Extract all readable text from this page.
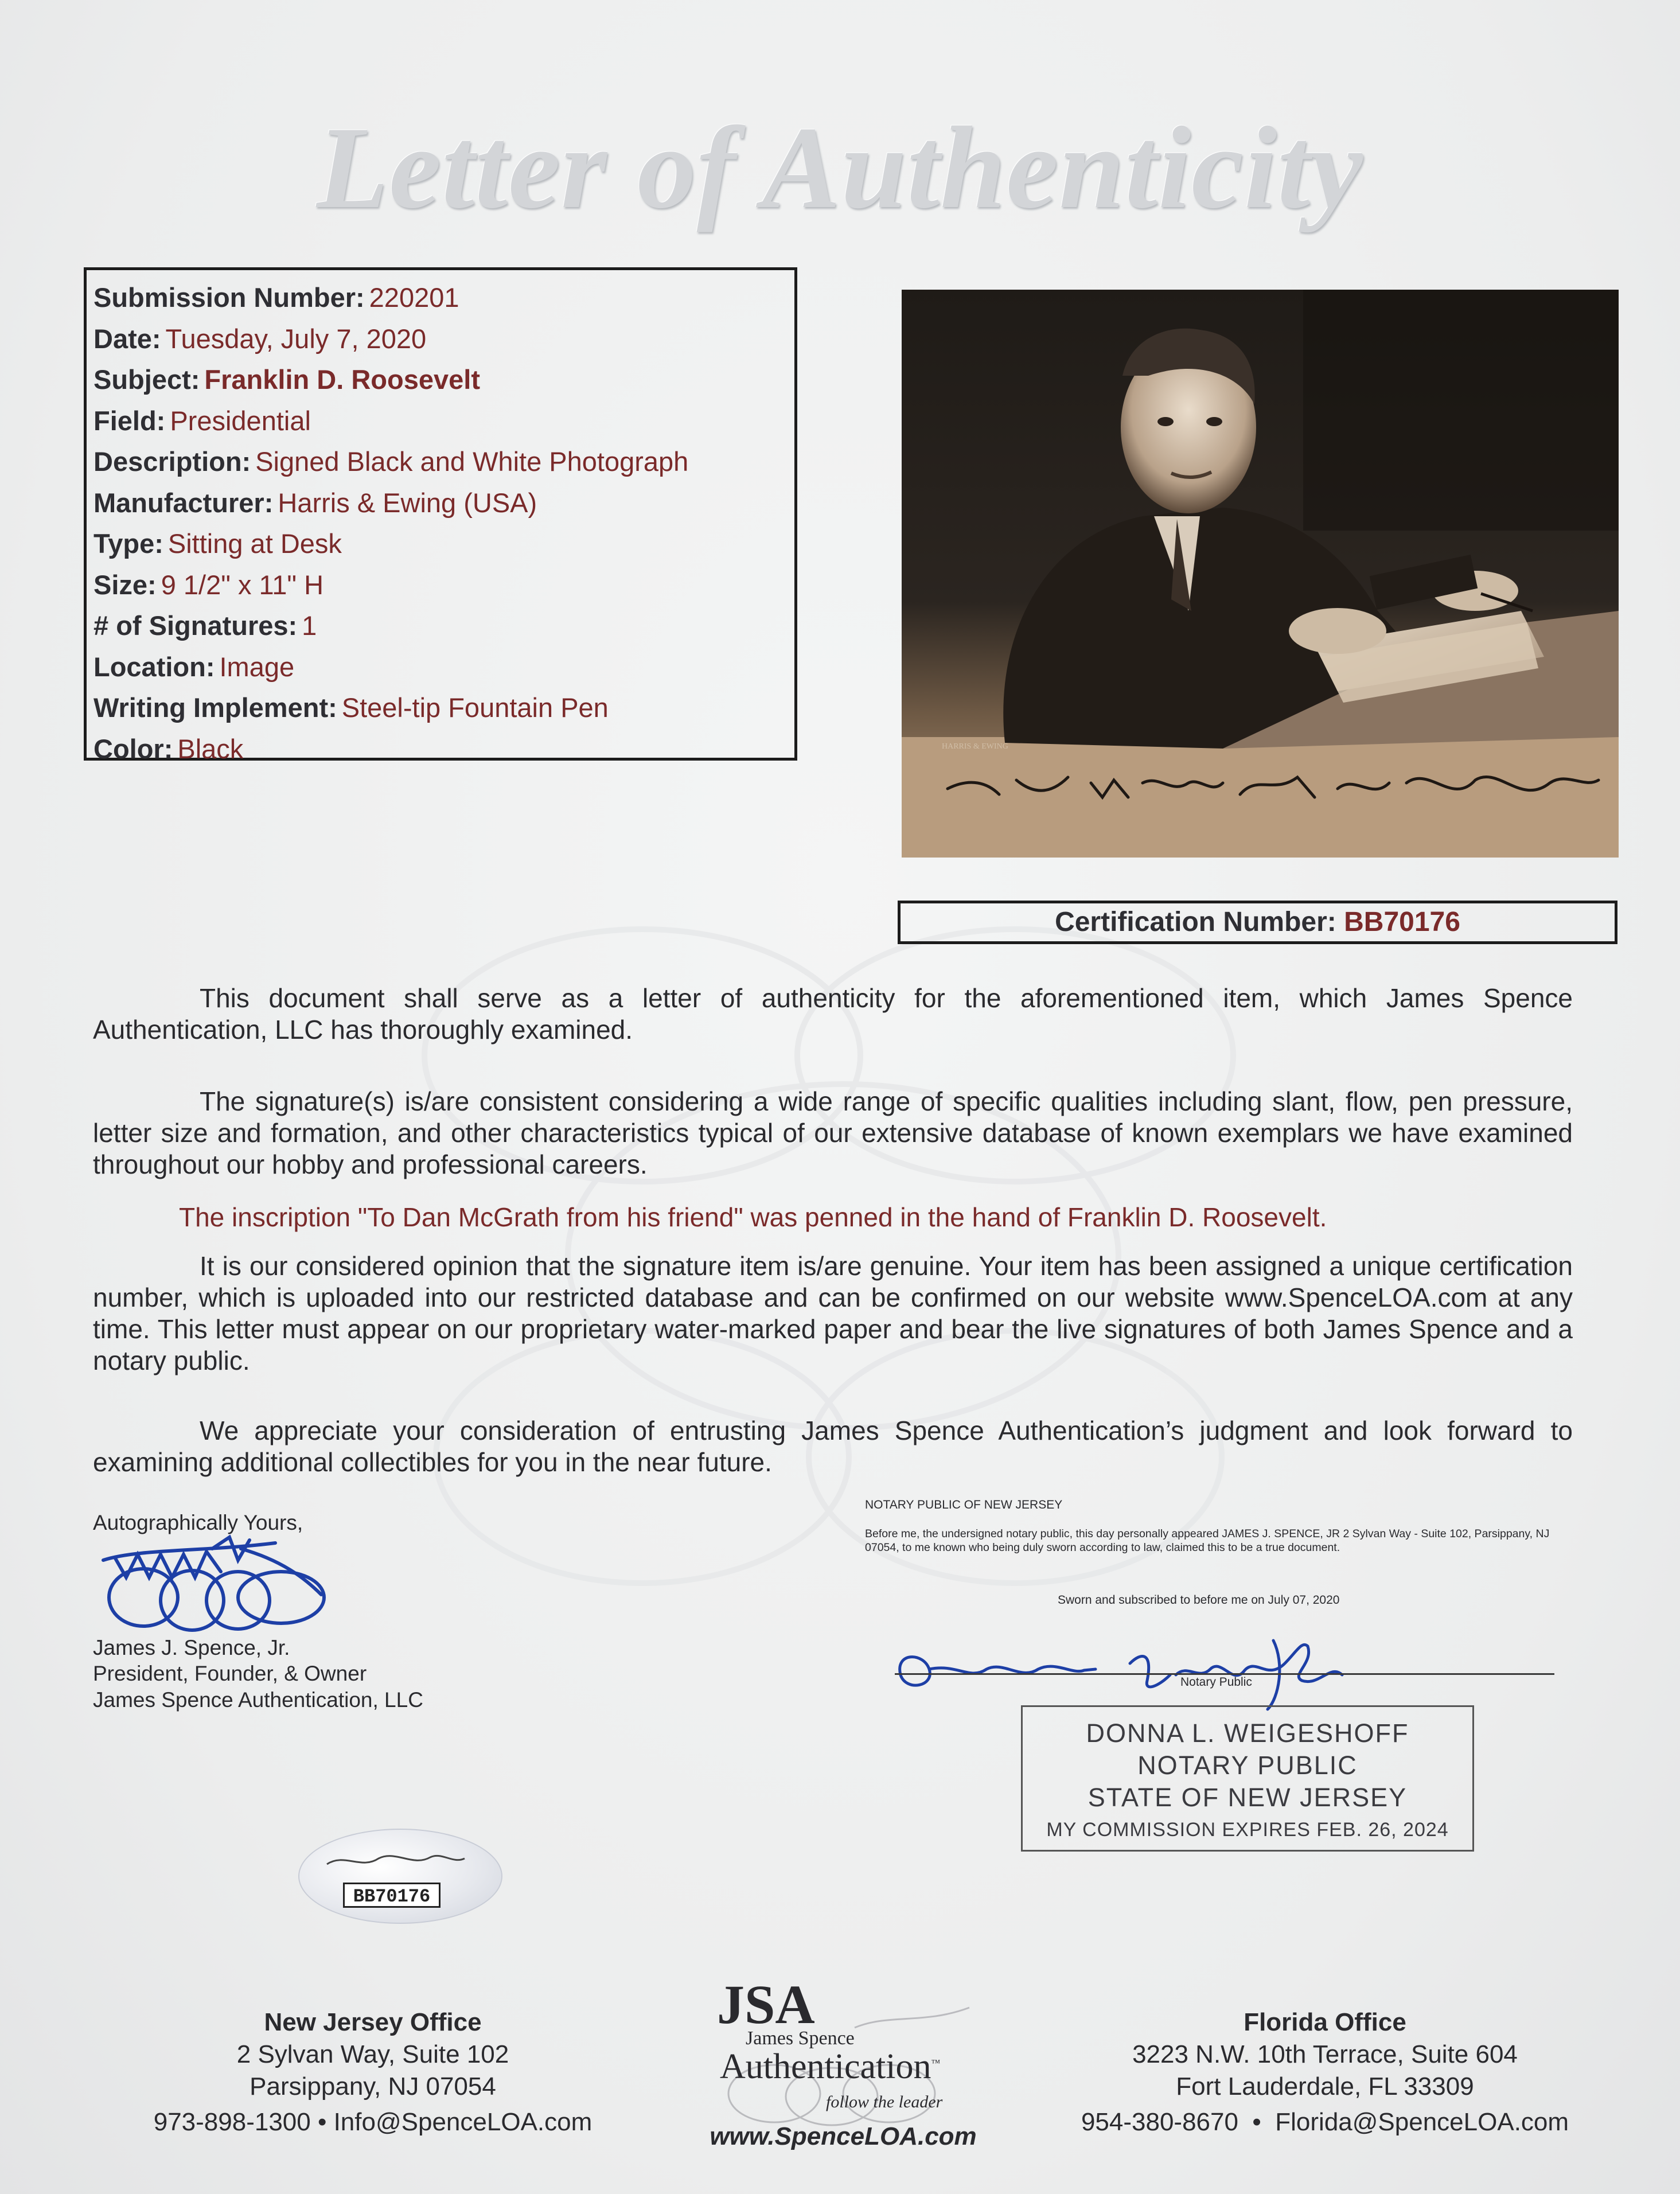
Letter of Authenticity
Submission Number: 220201
Date: Tuesday, July 7, 2020
Subject: Franklin D. Roosevelt
Field: Presidential
Description: Signed Black and White Photograph
Manufacturer: Harris & Ewing (USA)
Type: Sitting at Desk
Size: 9 1/2" x 11" H
# of Signatures: 1
Location: Image
Writing Implement: Steel-tip Fountain Pen
Color: Black	HARRIS & EWING
Certification Number: BB70176
This document shall serve as a letter of authenticity for the aforementioned item, which James Spence Authentication, LLC has thoroughly examined.
The signature(s) is/are consistent considering a wide range of specific qualities including slant, flow, pen pressure, letter size and formation, and other characteristics typical of our extensive database of known exemplars we have examined throughout our hobby and professional careers.
The inscription "To Dan McGrath from his friend" was penned in the hand of Franklin D. Roosevelt.
It is our considered opinion that the signature item is/are genuine. Your item has been assigned a unique certification number, which is uploaded into our restricted database and can be confirmed on our website www.SpenceLOA.com at any time. This letter must appear on our proprietary water-marked paper and bear the live signatures of both James Spence and a notary public.
We appreciate your consideration of entrusting James Spence Authentication’s judgment and look forward to examining additional collectibles for you in the near future.
Autographically Yours,
James J. Spence, Jr.
President, Founder, & Owner
James Spence Authentication, LLC
NOTARY PUBLIC OF NEW JERSEY
Before me, the undersigned notary public, this day personally appeared JAMES J. SPENCE, JR 2 Sylvan Way - Suite 102, Parsippany, NJ 07054, to me known who being duly sworn according to law, claimed this to be a true document.
Sworn and subscribed to before me on July 07, 2020
Notary Public
DONNA L. WEIGESHOFF
NOTARY PUBLIC
STATE OF NEW JERSEY
MY COMMISSION EXPIRES FEB. 26, 2024
BB70176
New Jersey Office
2 Sylvan Way, Suite 102
Parsippany, NJ 07054
973-898-1300 • Info@SpenceLOA.com
JSA
James Spence
Authentication™
follow the leader
www.SpenceLOA.com
Florida Office
3223 N.W. 10th Terrace, Suite 604
Fort Lauderdale, FL 33309
954-380-8670  •  Florida@SpenceLOA.com
